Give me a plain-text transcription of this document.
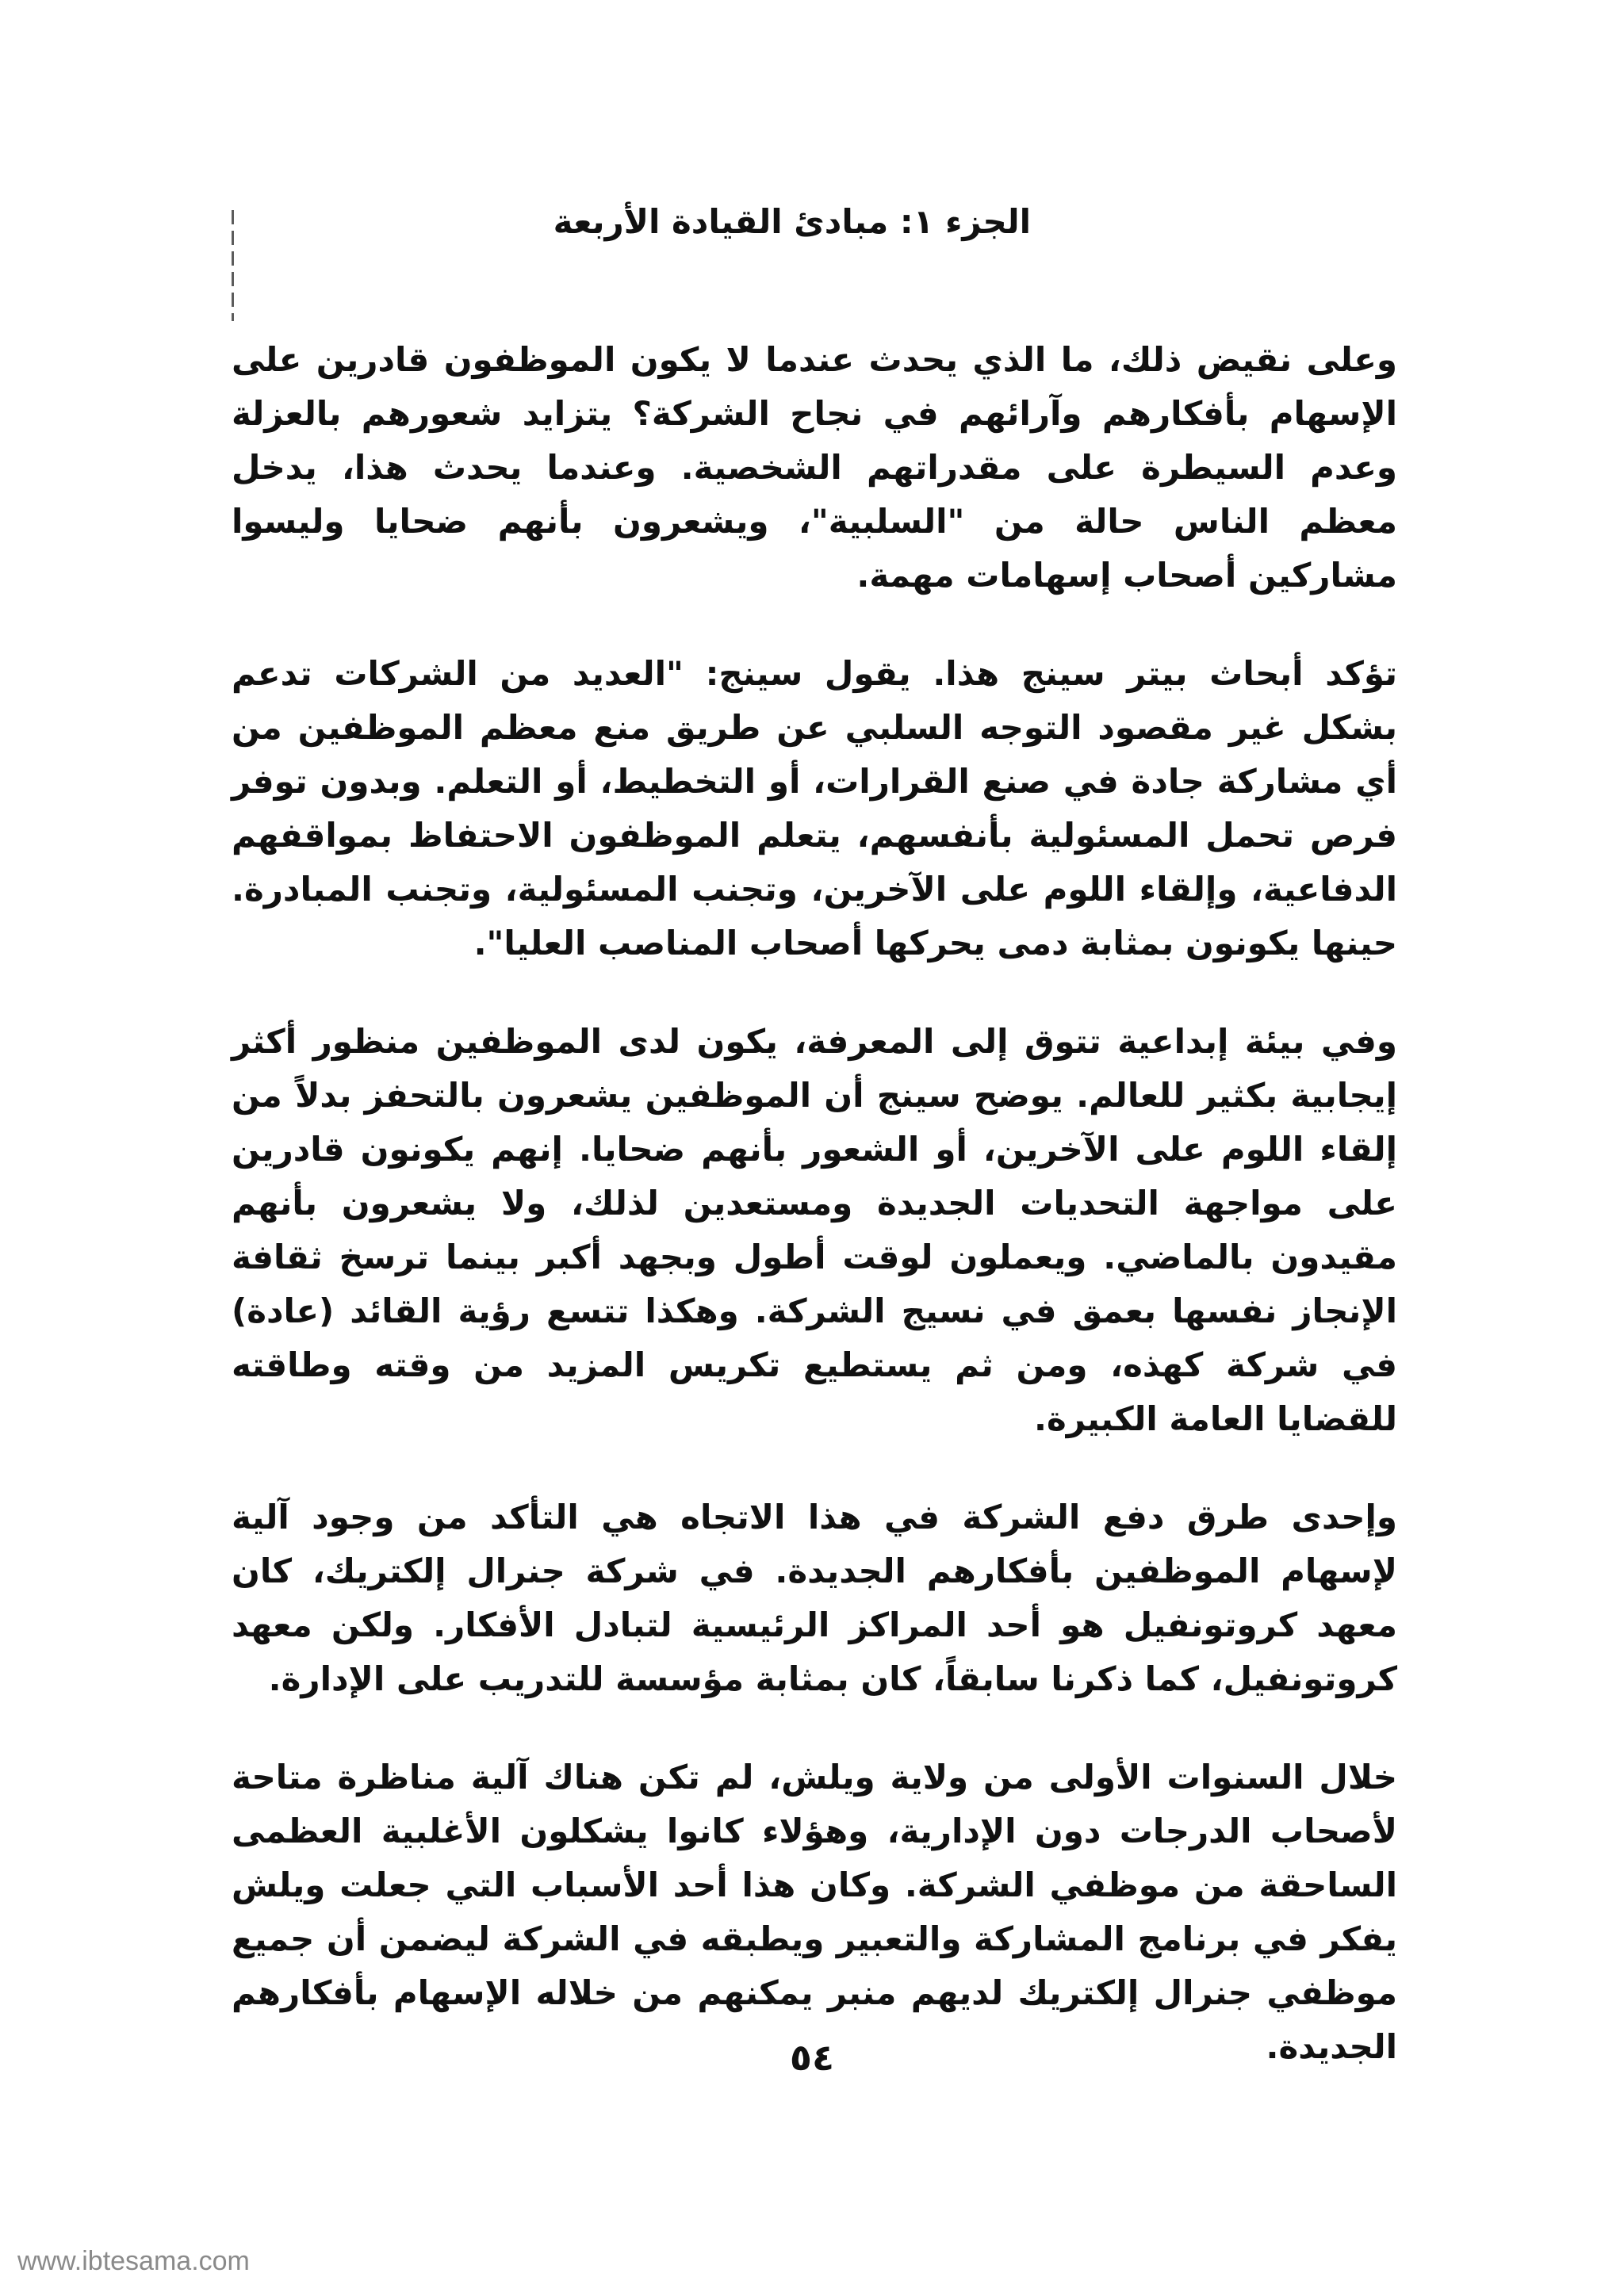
الجزء ١: مبادئ القيادة الأربعة

وعلى نقيض ذلك، ما الذي يحدث عندما لا يكون الموظفون قادرين على الإسهام بأفكارهم وآرائهم في نجاح الشركة؟ يتزايد شعورهم بالعزلة وعدم السيطرة على مقدراتهم الشخصية. وعندما يحدث هذا، يدخل معظم الناس حالة من "السلبية"، ويشعرون بأنهم ضحايا وليسوا مشاركين أصحاب إسهامات مهمة.

تؤكد أبحاث بيتر سينج هذا. يقول سينج: "العديد من الشركات تدعم بشكل غير مقصود التوجه السلبي عن طريق منع معظم الموظفين من أي مشاركة جادة في صنع القرارات، أو التخطيط، أو التعلم. وبدون توفر فرص تحمل المسئولية بأنفسهم، يتعلم الموظفون الاحتفاظ بمواقفهم الدفاعية، وإلقاء اللوم على الآخرين، وتجنب المسئولية، وتجنب المبادرة. حينها يكونون بمثابة دمى يحركها أصحاب المناصب العليا".

وفي بيئة إبداعية تتوق إلى المعرفة، يكون لدى الموظفين منظور أكثر إيجابية بكثير للعالم. يوضح سينج أن الموظفين يشعرون بالتحفز بدلاً من إلقاء اللوم على الآخرين، أو الشعور بأنهم ضحايا. إنهم يكونون قادرين على مواجهة التحديات الجديدة ومستعدين لذلك، ولا يشعرون بأنهم مقيدون بالماضي. ويعملون لوقت أطول وبجهد أكبر بينما ترسخ ثقافة الإنجاز نفسها بعمق في نسيج الشركة. وهكذا تتسع رؤية القائد (عادة) في شركة كهذه، ومن ثم يستطيع تكريس المزيد من وقته وطاقته للقضايا العامة الكبيرة.

وإحدى طرق دفع الشركة في هذا الاتجاه هي التأكد من وجود آلية لإسهام الموظفين بأفكارهم الجديدة. في شركة جنرال إلكتريك، كان معهد كروتونفيل هو أحد المراكز الرئيسية لتبادل الأفكار. ولكن معهد كروتونفيل، كما ذكرنا سابقاً، كان بمثابة مؤسسة للتدريب على الإدارة.

خلال السنوات الأولى من ولاية ويلش، لم تكن هناك آلية مناظرة متاحة لأصحاب الدرجات دون الإدارية، وهؤلاء كانوا يشكلون الأغلبية العظمى الساحقة من موظفي الشركة. وكان هذا أحد الأسباب التي جعلت ويلش يفكر في برنامج المشاركة والتعبير ويطبقه في الشركة ليضمن أن جميع موظفي جنرال إلكتريك لديهم منبر يمكنهم من خلاله الإسهام بأفكارهم الجديدة.

٥٤
www.ibtesama.com
